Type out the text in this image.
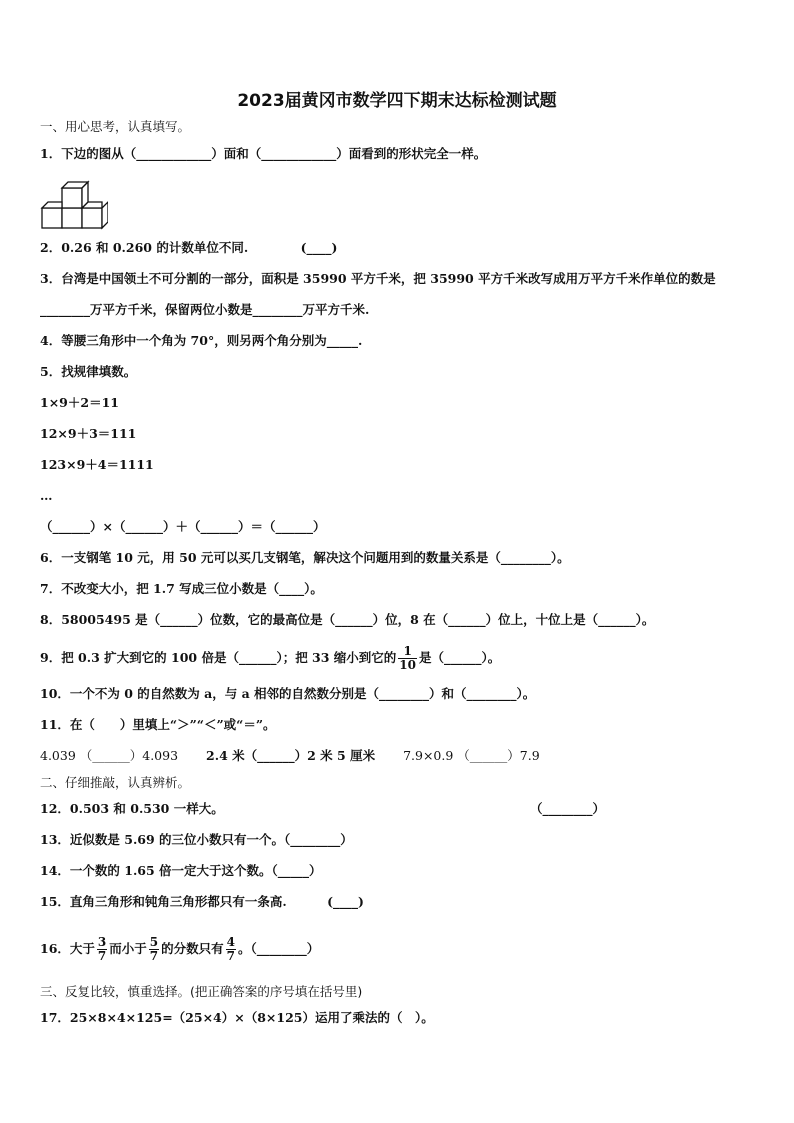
2023届黄冈市数学四下期末达标检测试题
一、用心思考，认真填写。
1．下边的图从（____________）面和（____________）面看到的形状完全一样。
2．0.26 和 0.260 的计数单位不同.	(____)
3．台湾是中国领土不可分割的一部分，面积是 35990 平方千米，把 35990 平方千米改写成用万平方千米作单位的数是
________万平方千米，保留两位小数是________万平方千米.
4．等腰三角形中一个角为 70°，则另两个角分别为_____.
5．找规律填数。
1×9＋2＝11
12×9＋3＝111
123×9＋4＝1111
…
（______）×（______）＋（______）＝（______）
6．一支钢笔 10 元，用 50 元可以买几支钢笔，解决这个问题用到的数量关系是（________）。
7．不改变大小，把 1.7 写成三位小数是（____）。
8．58005495 是（______）位数，它的最高位是（______）位，8 在（______）位上，十位上是（______）。
9．把 0.3 扩大到它的 100 倍是（______）；把 33 缩小到它的 $\frac{1}{10}$ 是（______）。
10．一个不为 0 的自然数为 a，与 a 相邻的自然数分别是（________）和（________）。
11．在（　　）里填上“＞”“＜”或“＝”。
4.039 （______）4.093 2.4 米（______）2 米 5 厘米 7.9×0.9 （______）7.9
二、仔细推敲，认真辨析。
12．0.503 和 0.530 一样大。	（________）
13．近似数是 5.69 的三位小数只有一个。（________）
14．一个数的 1.65 倍一定大于这个数。（_____）
15．直角三角形和钝角三角形都只有一条高.	(____)
16．大于 $\frac{3}{7}$ 而小于 $\frac{5}{7}$ 的分数只有 $\frac{4}{7}$ 。（________）
三、反复比较，慎重选择。(把正确答案的序号填在括号里)
17．25×8×4×125=（25×4）×（8×125）运用了乘法的（　）。
